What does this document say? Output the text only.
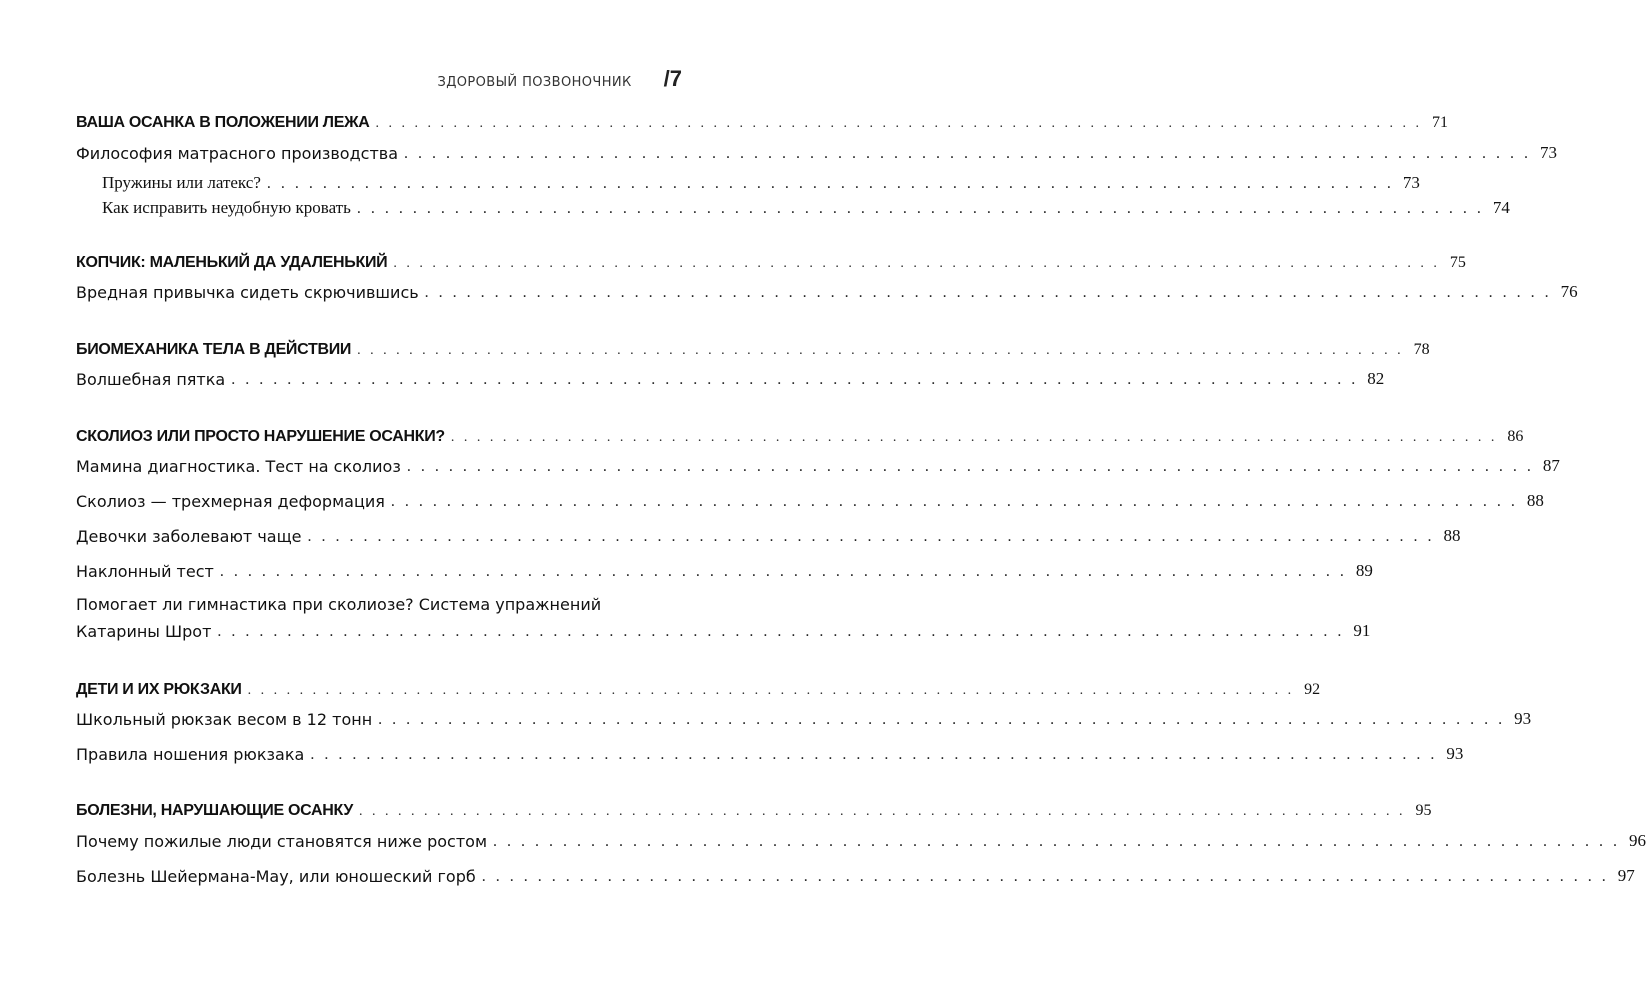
ЗДОРОВЫЙ ПОЗВОНОЧНИК /7
ВАША ОСАНКА В ПОЛОЖЕНИИ ЛЕЖА . . . . . . . . . . . . . . . . . . . . . . . . . . . . . . . . . . . . . . . . . . . . . . . . . . . . . . . . . . . . . . . . . . . . . . . . . . . . . . . . . 71
Философия матрасного производства . . . . . . . . . . . . . . . . . . . . . . . . . . . . . . . . . . . . . . . . . . . . . . . . . . . . . . . . . . . . . . . . . . . . . . . . . . . . . . . . . 73
Пружины или латекс? . . . . . . . . . . . . . . . . . . . . . . . . . . . . . . . . . . . . . . . . . . . . . . . . . . . . . . . . . . . . . . . . . . . . . . . . . . . . . . . . . 73
Как исправить неудобную кровать . . . . . . . . . . . . . . . . . . . . . . . . . . . . . . . . . . . . . . . . . . . . . . . . . . . . . . . . . . . . . . . . . . . . . . . . . . . . . . . . . 74
КОПЧИК: МАЛЕНЬКИЙ ДА УДАЛЕНЬКИЙ . . . . . . . . . . . . . . . . . . . . . . . . . . . . . . . . . . . . . . . . . . . . . . . . . . . . . . . . . . . . . . . . . . . . . . . . . . . . . . . . . 75
Вредная привычка сидеть скрючившись . . . . . . . . . . . . . . . . . . . . . . . . . . . . . . . . . . . . . . . . . . . . . . . . . . . . . . . . . . . . . . . . . . . . . . . . . . . . . . . . . 76
БИОМЕХАНИКА ТЕЛА В ДЕЙСТВИИ . . . . . . . . . . . . . . . . . . . . . . . . . . . . . . . . . . . . . . . . . . . . . . . . . . . . . . . . . . . . . . . . . . . . . . . . . . . . . . . . . 78
Волшебная пятка . . . . . . . . . . . . . . . . . . . . . . . . . . . . . . . . . . . . . . . . . . . . . . . . . . . . . . . . . . . . . . . . . . . . . . . . . . . . . . . . . 82
СКОЛИОЗ ИЛИ ПРОСТО НАРУШЕНИЕ ОСАНКИ? . . . . . . . . . . . . . . . . . . . . . . . . . . . . . . . . . . . . . . . . . . . . . . . . . . . . . . . . . . . . . . . . . . . . . . . . . . . . . . . . . 86
Мамина диагностика. Тест на сколиоз . . . . . . . . . . . . . . . . . . . . . . . . . . . . . . . . . . . . . . . . . . . . . . . . . . . . . . . . . . . . . . . . . . . . . . . . . . . . . . . . . 87
Сколиоз — трехмерная деформация . . . . . . . . . . . . . . . . . . . . . . . . . . . . . . . . . . . . . . . . . . . . . . . . . . . . . . . . . . . . . . . . . . . . . . . . . . . . . . . . . 88
Девочки заболевают чаще . . . . . . . . . . . . . . . . . . . . . . . . . . . . . . . . . . . . . . . . . . . . . . . . . . . . . . . . . . . . . . . . . . . . . . . . . . . . . . . . . 88
Наклонный тест . . . . . . . . . . . . . . . . . . . . . . . . . . . . . . . . . . . . . . . . . . . . . . . . . . . . . . . . . . . . . . . . . . . . . . . . . . . . . . . . . 89
Помогает ли гимнастика при сколиозе? Система упражнений
Катарины Шрот . . . . . . . . . . . . . . . . . . . . . . . . . . . . . . . . . . . . . . . . . . . . . . . . . . . . . . . . . . . . . . . . . . . . . . . . . . . . . . . . . 91
ДЕТИ И ИХ РЮКЗАКИ . . . . . . . . . . . . . . . . . . . . . . . . . . . . . . . . . . . . . . . . . . . . . . . . . . . . . . . . . . . . . . . . . . . . . . . . . . . . . . . . . 92
Школьный рюкзак весом в 12 тонн . . . . . . . . . . . . . . . . . . . . . . . . . . . . . . . . . . . . . . . . . . . . . . . . . . . . . . . . . . . . . . . . . . . . . . . . . . . . . . . . . 93
Правила ношения рюкзака . . . . . . . . . . . . . . . . . . . . . . . . . . . . . . . . . . . . . . . . . . . . . . . . . . . . . . . . . . . . . . . . . . . . . . . . . . . . . . . . . 93
БОЛЕЗНИ, НАРУШАЮЩИЕ ОСАНКУ . . . . . . . . . . . . . . . . . . . . . . . . . . . . . . . . . . . . . . . . . . . . . . . . . . . . . . . . . . . . . . . . . . . . . . . . . . . . . . . . . 95
Почему пожилые люди становятся ниже ростом . . . . . . . . . . . . . . . . . . . . . . . . . . . . . . . . . . . . . . . . . . . . . . . . . . . . . . . . . . . . . . . . . . . . . . . . . . . . . . . . . 96
Болезнь Шейермана-Мау, или юношеский горб . . . . . . . . . . . . . . . . . . . . . . . . . . . . . . . . . . . . . . . . . . . . . . . . . . . . . . . . . . . . . . . . . . . . . . . . . . . . . . . . . 97
